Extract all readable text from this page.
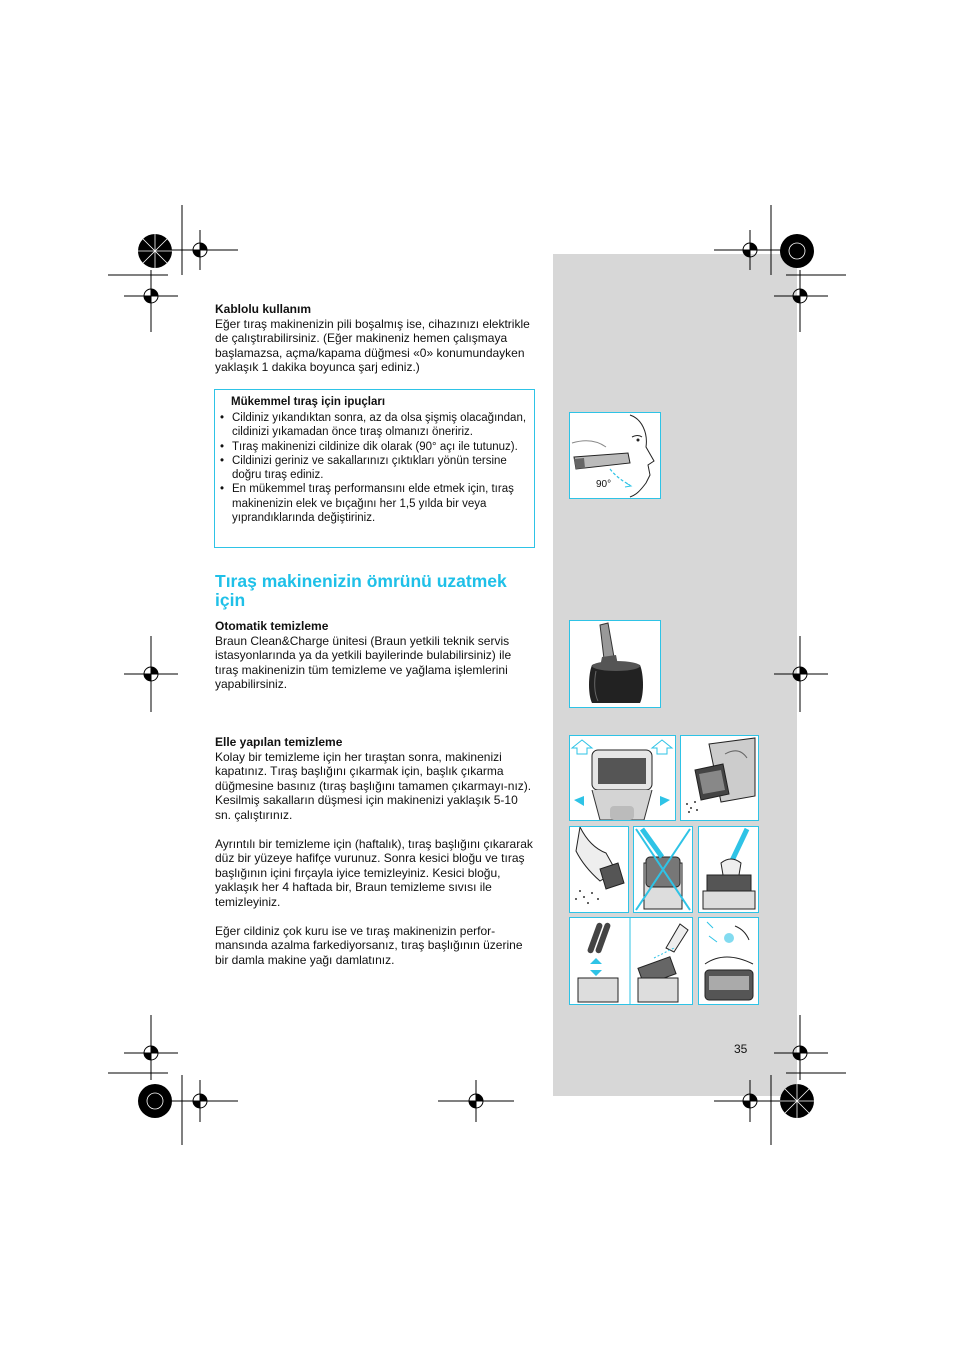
Kablolu kullanım
Eğer tıraş makinenizin pili boşalmış ise, cihazınızı elektrikle de çalıştırabilirsiniz. (Eğer makineniz hemen çalışmaya başlamazsa, açma/kapama düğmesi «0» konumundayken yaklaşık 1 dakika boyunca şarj ediniz.)
Mükemmel tıraş için ipuçları
• Cildiniz yıkandıktan sonra, az da olsa şişmiş olacağından, cildinizi yıkamadan önce tıraş olmanızı öneririz.
• Tıraş makinenizi cildinize dik olarak (90° açı ile tutunuz).
• Cildinizi geriniz ve sakallarınızı çıktıkları yönün tersine doğru tıraş ediniz.
• En mükemmel tıraş performansını elde etmek için, tıraş makinenizin elek ve bıçağını her 1,5 yılda bir veya yıprandıklarında değiştiriniz.
Tıraş makinenizin ömrünü uzatmek için
Otomatik temizleme
Braun Clean&Charge ünitesi (Braun yetkili teknik servis istasyonlarında ya da yetkili bayilerinde bulabilirsiniz) ile tıraş makinenizin tüm temizleme ve yağlama işlemlerini yapabilirsiniz.
Elle yapılan temizleme
Kolay bir temizleme için her tıraştan sonra, makinenizi kapatınız. Tıraş başlığını çıkarmak için, başlık çıkarma düğmesine basınız (tıraş başlığını tamamen çıkarmayı-nız). Kesilmiş sakalların düşmesi için makinenizi yaklaşık 5-10 sn. çalıştırınız.
Ayrıntılı bir temizleme için (haftalık), tıraş başlığını çıkararak düz bir yüzeye hafifçe vurunuz. Sonra kesici bloğu ve tıraş başlığının içini fırçayla iyice temizleyiniz. Kesici bloğu, yaklaşık her 4 haftada bir, Braun temizleme sıvısı ile temizleyiniz.
Eğer cildiniz çok kuru ise ve tıraş makinenizin perfor-mansında azalma farkediyorsanız, tıraş başlığının üzerine bir damla makine yağı damlatınız.
35
90°
